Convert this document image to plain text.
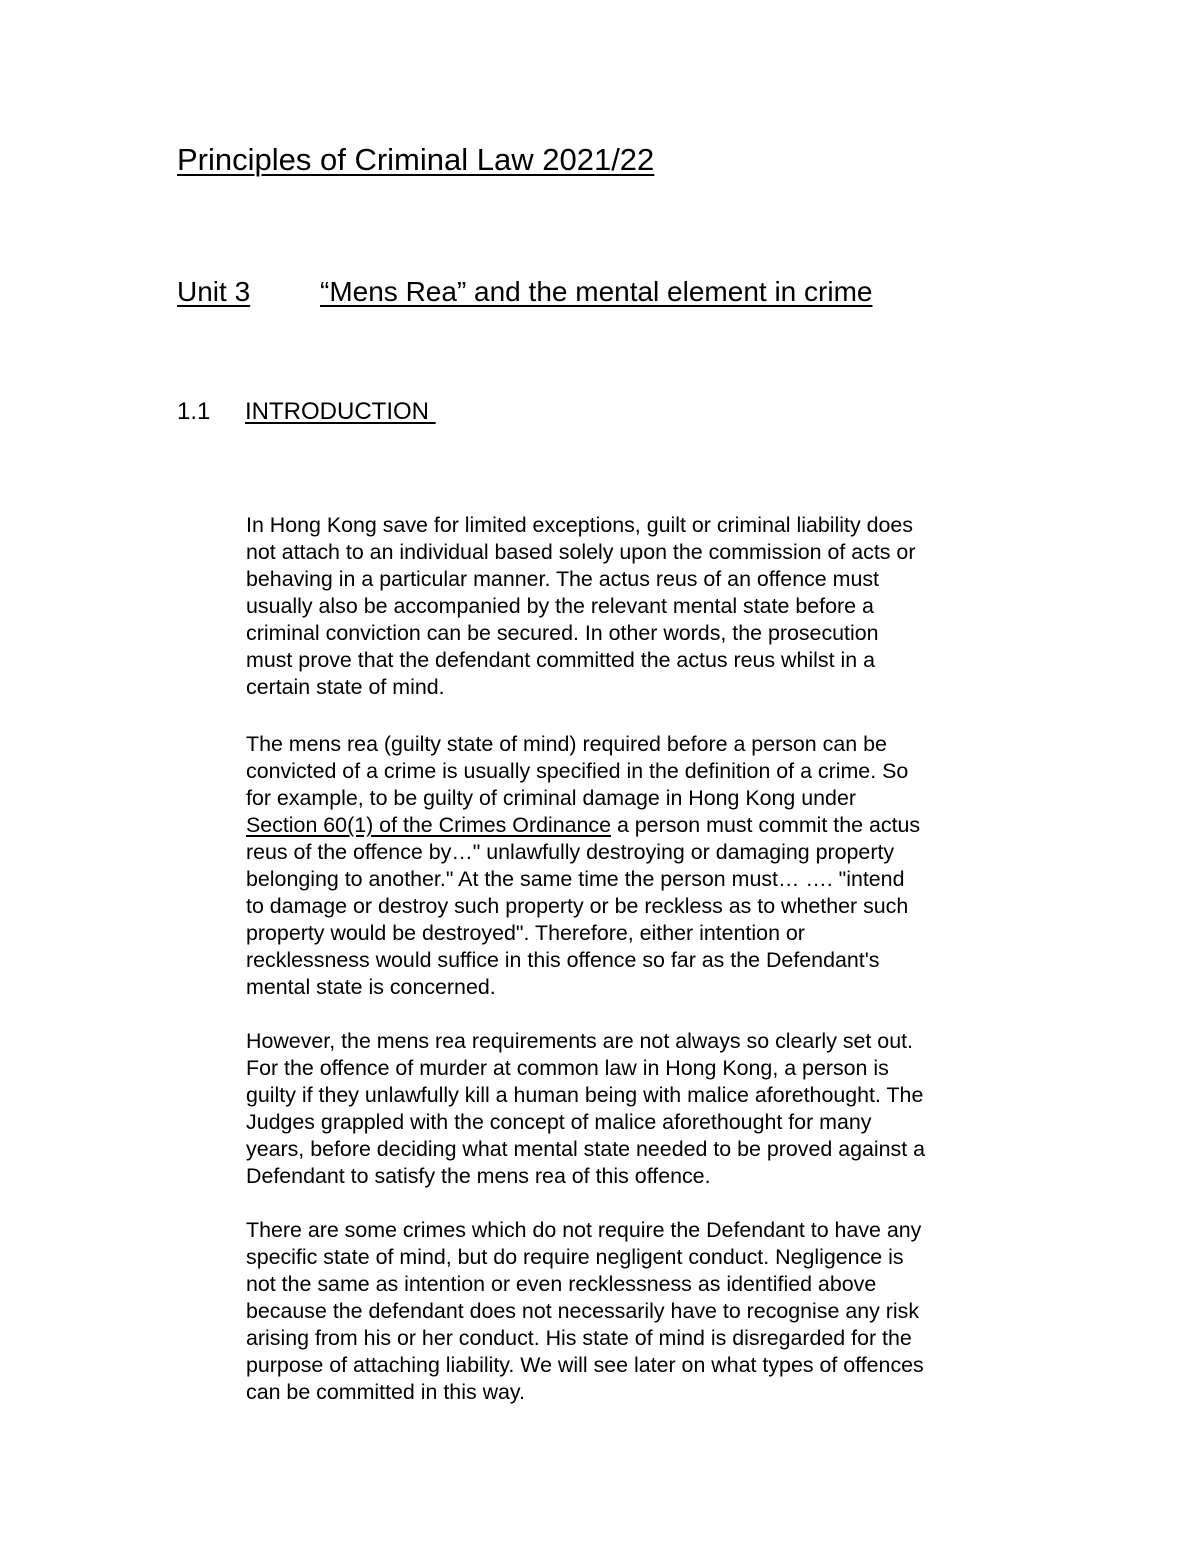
Principles of Criminal Law 2021/22
Unit 3 “Mens Rea” and the mental element in crime
1.1 INTRODUCTION

In Hong Kong save for limited exceptions, guilt or criminal liability does
not attach to an individual based solely upon the commission of acts or
behaving in a particular manner. The actus reus of an offence must
usually also be accompanied by the relevant mental state before a
criminal conviction can be secured. In other words, the prosecution
must prove that the defendant committed the actus reus whilst in a
certain state of mind.

The mens rea (guilty state of mind) required before a person can be
convicted of a crime is usually specified in the definition of a crime. So
for example, to be guilty of criminal damage in Hong Kong under
Section 60(1) of the Crimes Ordinance a person must commit the actus
reus of the offence by…" unlawfully destroying or damaging property
belonging to another." At the same time the person must… …. "intend
to damage or destroy such property or be reckless as to whether such
property would be destroyed". Therefore, either intention or
recklessness would suffice in this offence so far as the Defendant's
mental state is concerned.

However, the mens rea requirements are not always so clearly set out.
For the offence of murder at common law in Hong Kong, a person is
guilty if they unlawfully kill a human being with malice aforethought. The
Judges grappled with the concept of malice aforethought for many
years, before deciding what mental state needed to be proved against a
Defendant to satisfy the mens rea of this offence.

There are some crimes which do not require the Defendant to have any
specific state of mind, but do require negligent conduct. Negligence is
not the same as intention or even recklessness as identified above
because the defendant does not necessarily have to recognise any risk
arising from his or her conduct. His state of mind is disregarded for the
purpose of attaching liability. We will see later on what types of offences
can be committed in this way.
